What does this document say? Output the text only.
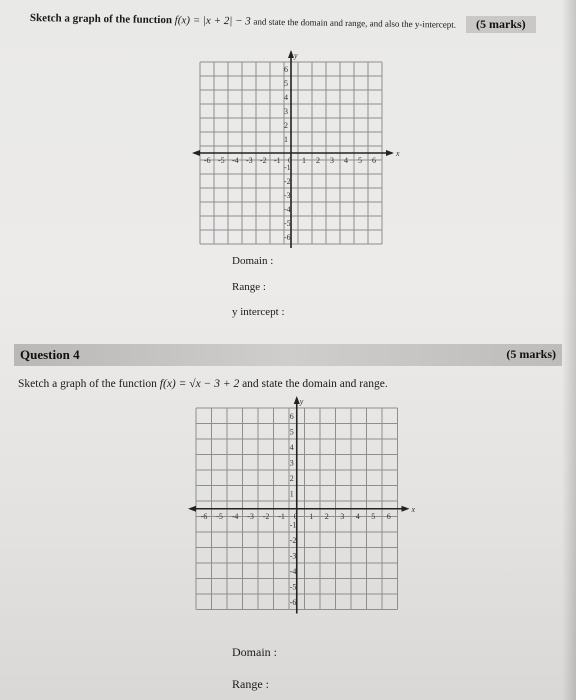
(5 marks)
Sketch a graph of the function f(x) = |x + 2| − 3 and state the domain and range, and also the y-intercept.
x
y
-6 -5 -4 -3 -2 -1 0 1 2 3 4 5 6
6
5
4
3
2
1
-1
-2
-3
-4
-5
-6
Domain :
Range :
y intercept :
Question 4	(5 marks)
Sketch a graph of the function f(x) = √x − 3 + 2 and state the domain and range.
x
y
-6 -5 -4 -3 -2 -1 0 1 2 3 4 5 6
6
5
4
3
2
1
-1
-2
-3
-4
-5
-6
Domain :
Range :
